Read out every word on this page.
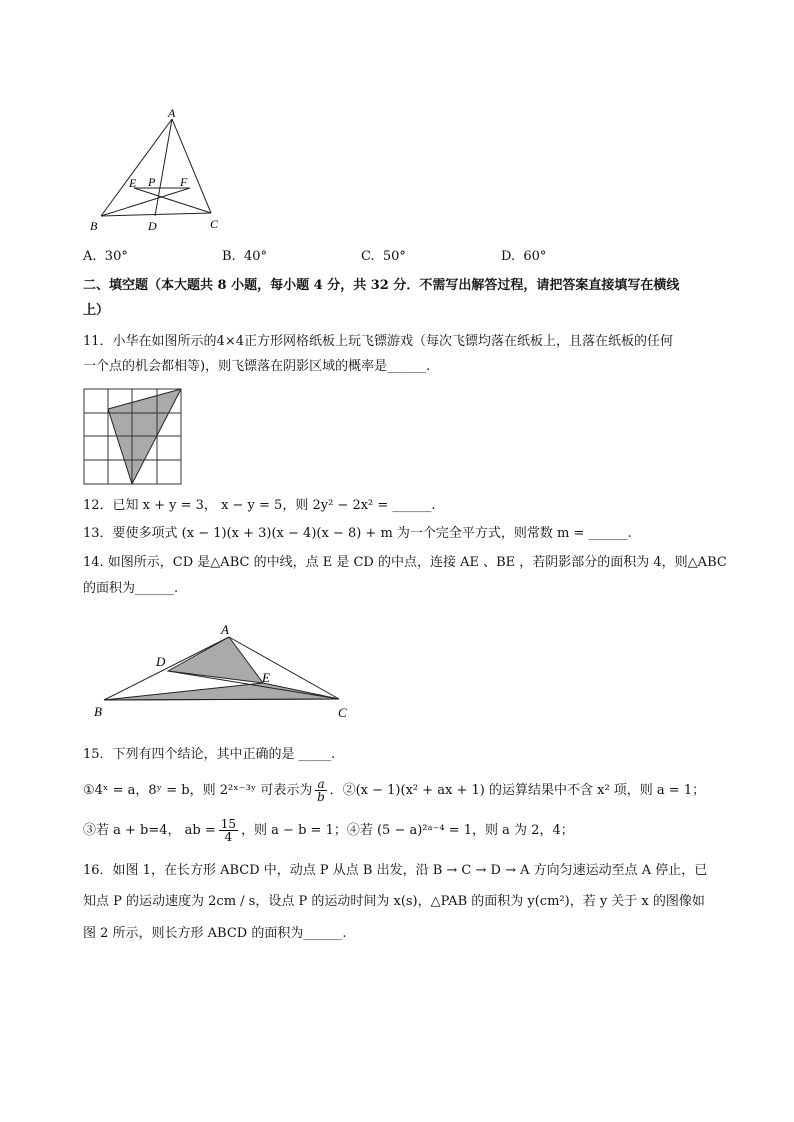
A
B	C
D
E P F
A. 30°	B. 40°	C. 50°	D. 60°
二、填空题（本大题共 8 小题，每小题 4 分，共 32 分．不需写出解答过程，请把答案直接填写在横线
上）
11．小华在如图所示的4×4正方形网格纸板上玩飞镖游戏（每次飞镖均落在纸板上，且落在纸板的任何
一个点的机会都相等)，则飞镖落在阴影区域的概率是______.
12．已知 x + y = 3， x − y = 5，则 2y² − 2x² = ______.
13．要使多项式 (x − 1)(x + 3)(x − 4)(x − 8) + m 为一个完全平方式，则常数 m = ______.
14. 如图所示，CD 是△ABC 的中线，点 E 是 CD 的中点，连接 AE 、BE ，若阴影部分的面积为 4，则△ABC
的面积为______.
A
B	C
D
E
15．下列有四个结论，其中正确的是 _____.
①4ˣ = a，8ʸ = b，则 2²ˣ⁻³ʸ 可表示为 a
b ．②(x − 1)(x² + ax + 1) 的运算结果中不含 x² 项，则 a = 1；
③若 a + b=4， ab = $\frac{15}{4}$ ，则 a − b = 1；④若 (5 − a)²ᵃ⁻⁴ = 1，则 a 为 2，4；
16．如图 1，在长方形 ABCD 中，动点 P 从点 B 出发，沿 B → C → D → A 方向匀速运动至点 A 停止，已
知点 P 的运动速度为 2cm / s，设点 P 的运动时间为 x(s)，△PAB 的面积为 y(cm²)，若 y 关于 x 的图像如
图 2 所示，则长方形 ABCD 的面积为______.
